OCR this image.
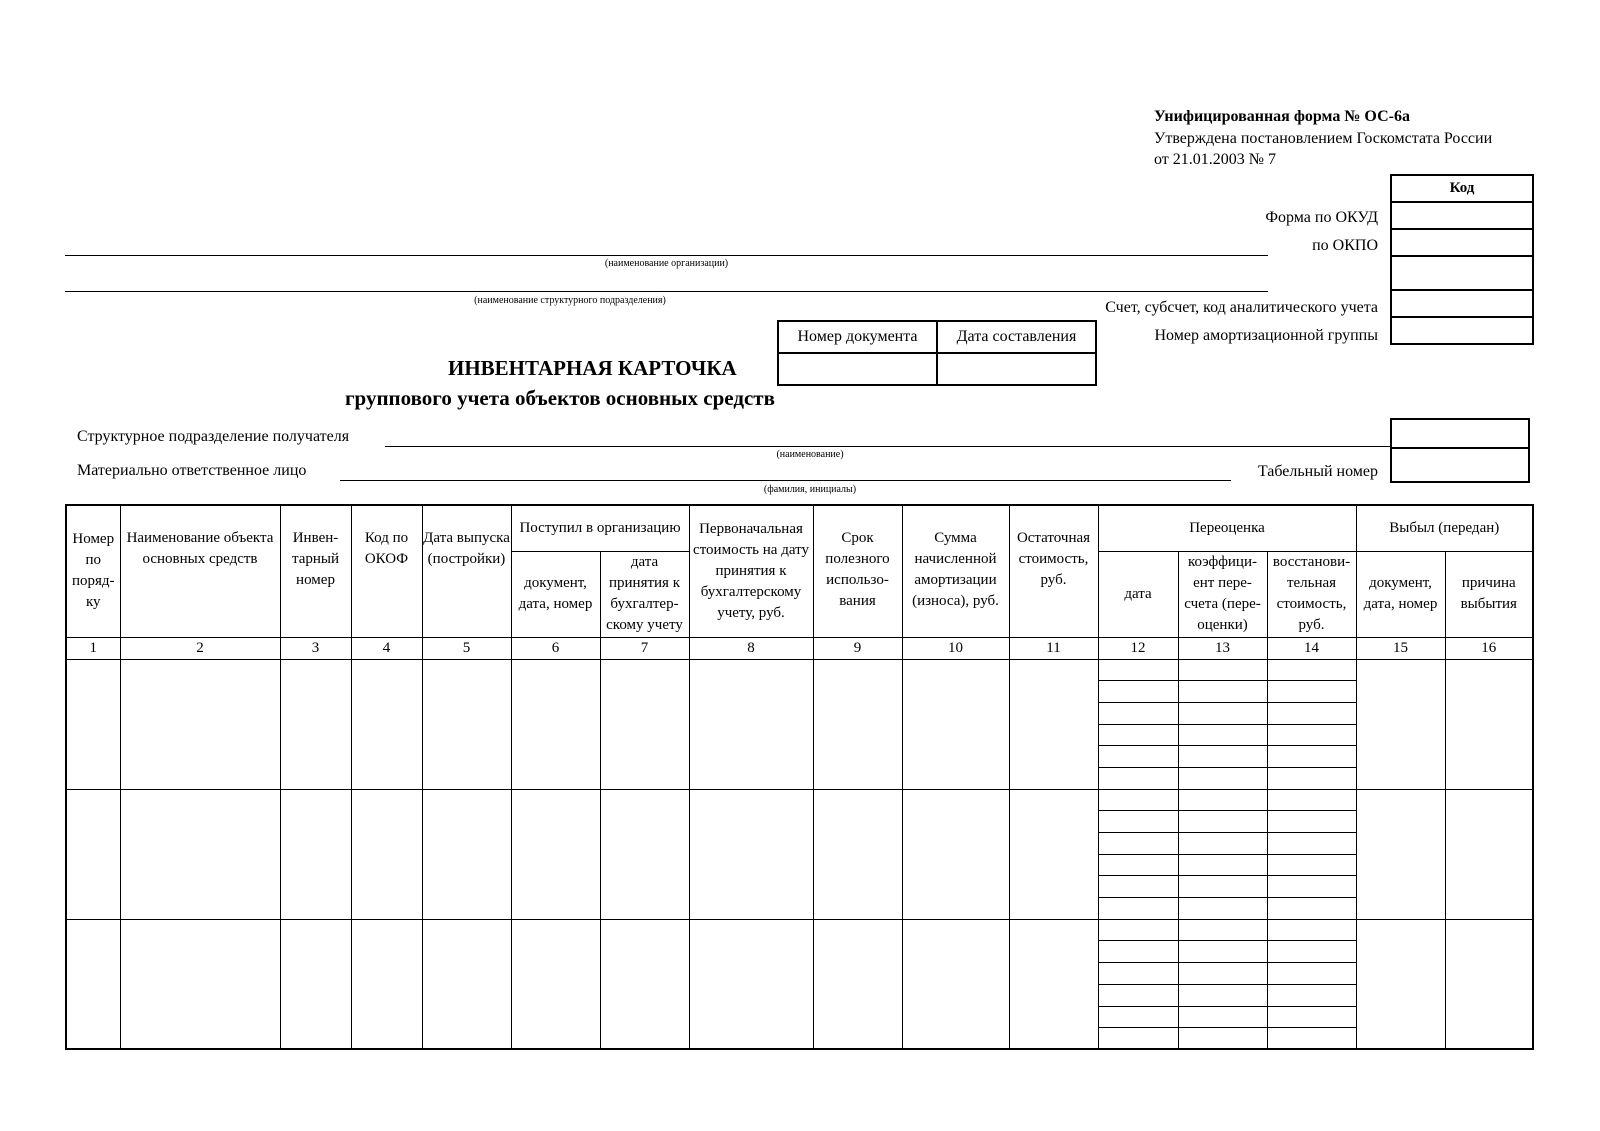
Унифицированная форма № ОС-6а
Утверждена постановлением Госкомстата России
от 21.01.2003 № 7
Код

Форма по ОКУД
по ОКПО
Счет, субсчет, код аналитического учета
Номер амортизационной группы
(наименование организации)
(наименование структурного подразделения)
Номер документа	Дата составления

ИНВЕНТАРНАЯ КАРТОЧКА
группового учета объектов основных средств
Структурное подразделение получателя
(наименование)
Материально ответственное лицо
(фамилия, инициалы)
Табельный номер
Номер по поряд-ку	Наименование объекта основных средств	Инвен-тарный номер	Код по ОКОФ	Дата выпуска (постройки)	Поступил в организацию		Первоначальная стоимость на дату принятия к бухгалтерскому учету, руб.	Срок полезного использо-вания	Сумма начисленной амортизации (износа), руб.	Остаточная стоимость, руб.	Переоценка			Выбыл (передан)	
					документ, дата, номер	дата принятия к бухгалтер-скому учету					дата	коэффици-ент пере-счета (пере-оценки)	восстанови-тельная стоимость, руб.	документ, дата, номер	причина выбытия
1	2	3	4	5	6	7	8	9	10	11	12	13	14	15	16
